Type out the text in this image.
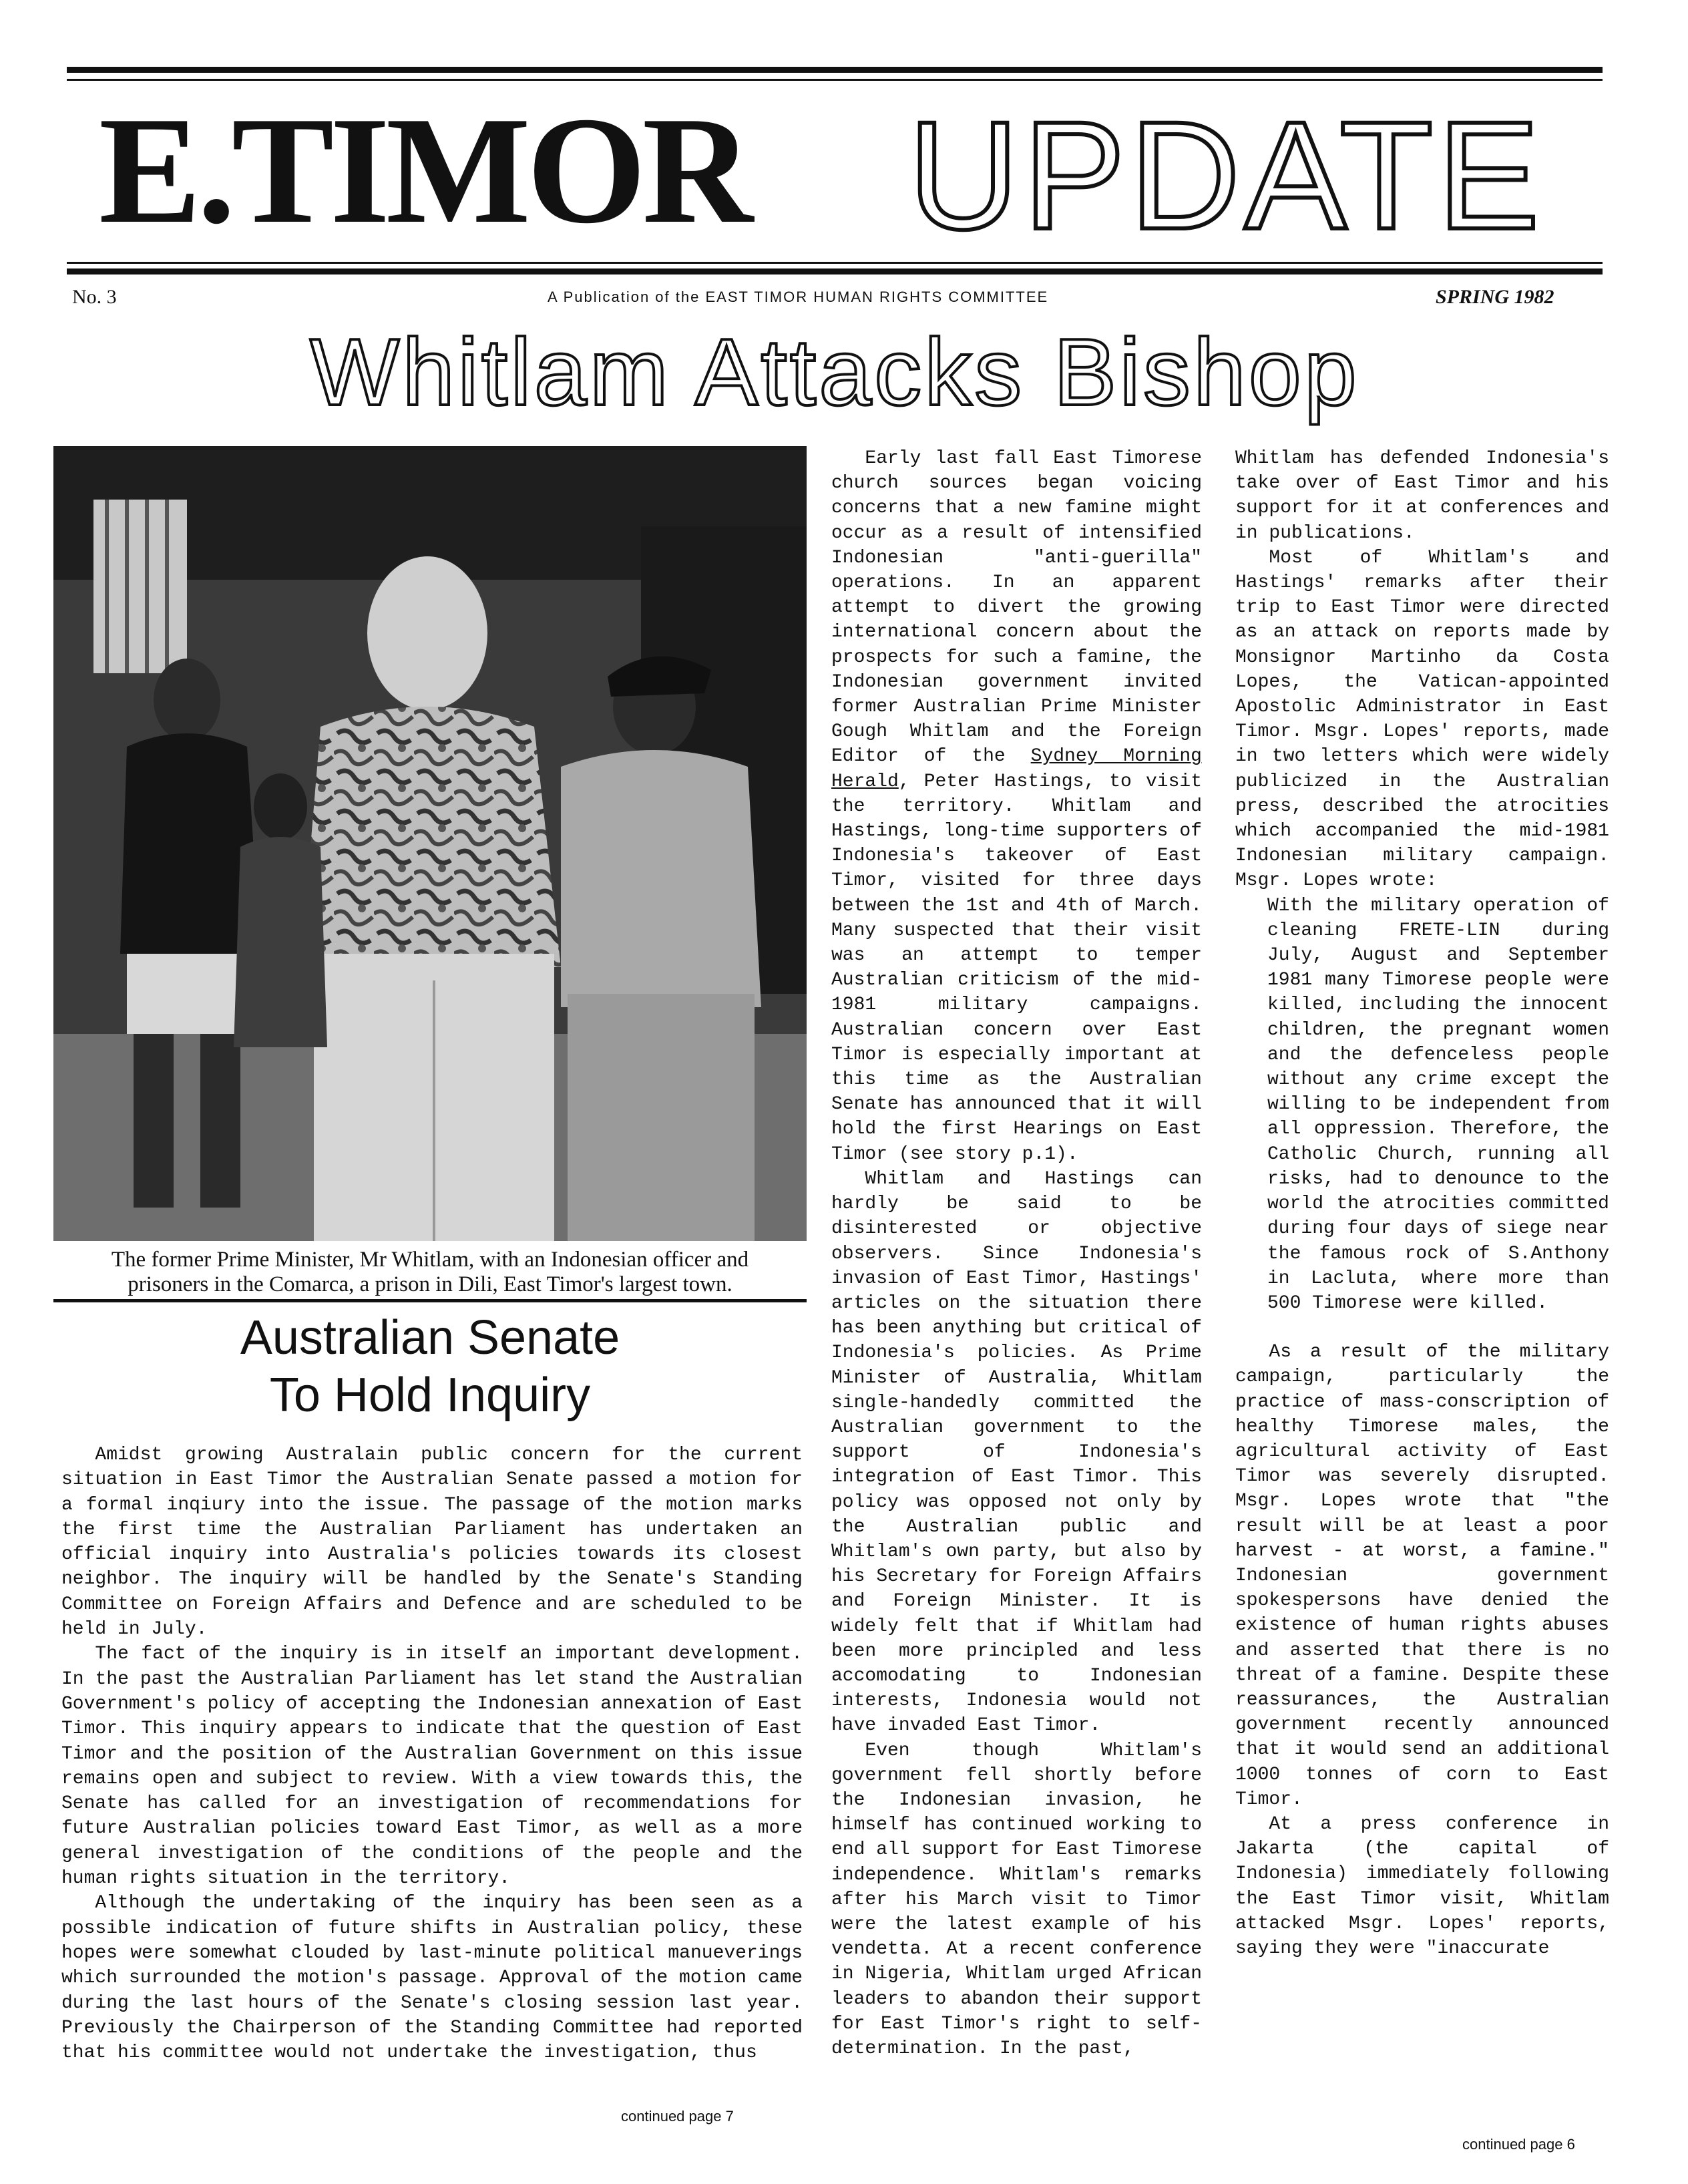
E.TIMOR UPDATE
No. 3	A Publication of the EAST TIMOR HUMAN RIGHTS COMMITTEE	SPRING 1982
Whitlam Attacks Bishop
The former Prime Minister, Mr Whitlam, with an Indonesian officer and
prisoners in the Comarca, a prison in Dili, East Timor's largest town.
Australian Senate
To Hold Inquiry

Amidst growing Australain public concern for the current situation in East Timor the Australian Senate passed a motion for a formal inqiury into the issue. The passage of the motion marks the first time the Australian Parliament has undertaken an official inquiry into Australia's policies towards its closest neighbor. The inquiry will be handled by the Senate's Standing Committee on Foreign Affairs and Defence and are scheduled to be held in July.

The fact of the inquiry is in itself an important development. In the past the Australian Parliament has let stand the Australian Government's policy of accepting the Indonesian annexation of East Timor. This inquiry appears to indicate that the question of East Timor and the position of the Australian Government on this issue remains open and subject to review. With a view towards this, the Senate has called for an investigation of recommendations for future Australian policies toward East Timor, as well as a more general investigation of the conditions of the people and the human rights situation in the territory.

Although the undertaking of the inquiry has been seen as a possible indication of future shifts in Australian policy, these hopes were somewhat clouded by last-minute political manueverings which surrounded the motion's passage. Approval of the motion came during the last hours of the Senate's closing session last year. Previously the Chairperson of the Standing Committee had reported that his committee would not undertake the investigation, thus

continued page 7

Early last fall East Timorese church sources began voicing concerns that a new famine might occur as a result of intensified Indonesian "anti-guerilla" operations. In an apparent attempt to divert the growing international concern about the prospects for such a famine, the Indonesian government invited former Australian Prime Minister Gough Whitlam and the Foreign Editor of the Sydney Morning Herald, Peter Hastings, to visit the territory. Whitlam and Hastings, long-time supporters of Indonesia's takeover of East Timor, visited for three days between the 1st and 4th of March. Many suspected that their visit was an attempt to temper Australian criticism of the mid-1981 military campaigns. Australian concern over East Timor is especially important at this time as the Australian Senate has announced that it will hold the first Hearings on East Timor (see story p.1).

Whitlam and Hastings can hardly be said to be disinterested or objective observers. Since Indonesia's invasion of East Timor, Hastings' articles on the situation there has been anything but critical of Indonesia's policies. As Prime Minister of Australia, Whitlam single-handedly committed the Australian government to the support of Indonesia's integration of East Timor. This policy was opposed not only by the Australian public and Whitlam's own party, but also by his Secretary for Foreign Affairs and Foreign Minister. It is widely felt that if Whitlam had been more principled and less accomodating to Indonesian interests, Indonesia would not have invaded East Timor.

Even though Whitlam's government fell shortly before the Indonesian invasion, he himself has continued working to end all support for East Timorese independence. Whitlam's remarks after his March visit to Timor were the latest example of his vendetta. At a recent conference in Nigeria, Whitlam urged African leaders to abandon their support for East Timor's right to self-determination. In the past,

Whitlam has defended Indonesia's take over of East Timor and his support for it at conferences and in publications.

Most of Whitlam's and Hastings' remarks after their trip to East Timor were directed as an attack on reports made by Monsignor Martinho da Costa Lopes, the Vatican-appointed Apostolic Administrator in East Timor. Msgr. Lopes' reports, made in two letters which were widely publicized in the Australian press, described the atrocities which accompanied the mid-1981 Indonesian military campaign. Msgr. Lopes wrote:

With the military operation of cleaning FRETE-LIN during July, August and September 1981 many Timorese people were killed, including the innocent children, the pregnant women and the defenceless people without any crime except the willing to be independent from all oppression. Therefore, the Catholic Church, running all risks, had to denounce to the world the atrocities committed during four days of siege near the famous rock of S.Anthony in Lacluta, where more than 500 Timorese were killed.

As a result of the military campaign, particularly the practice of mass-conscription of healthy Timorese males, the agricultural activity of East Timor was severely disrupted. Msgr. Lopes wrote that "the result will be at least a poor harvest - at worst, a famine." Indonesian government spokespersons have denied the existence of human rights abuses and asserted that there is no threat of a famine. Despite these reassurances, the Australian government recently announced that it would send an additional 1000 tonnes of corn to East Timor.

At a press conference in Jakarta (the capital of Indonesia) immediately following the East Timor visit, Whitlam attacked Msgr. Lopes' reports, saying they were "inaccurate

continued page 6
